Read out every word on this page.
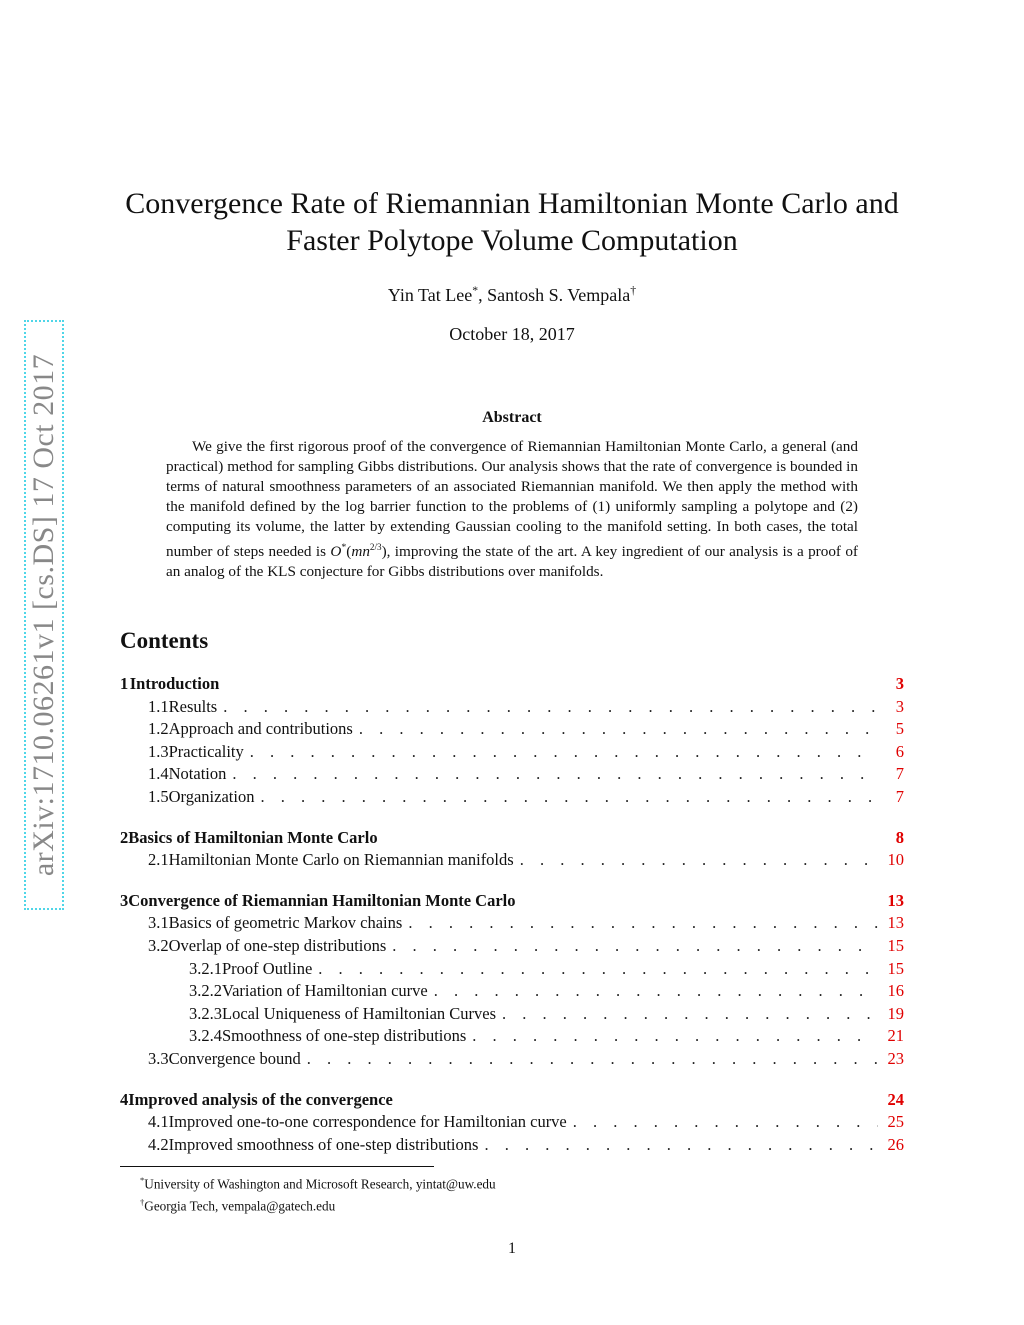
arXiv:1710.06261v1 [cs.DS] 17 Oct 2017
Convergence Rate of Riemannian Hamiltonian Monte Carlo and
Faster Polytope Volume Computation
Yin Tat Lee*, Santosh S. Vempala†
October 18, 2017
Abstract
We give the first rigorous proof of the convergence of Riemannian Hamiltonian Monte Carlo, a general (and practical) method for sampling Gibbs distributions. Our analysis shows that the rate of convergence is bounded in terms of natural smoothness parameters of an associated Riemannian manifold. We then apply the method with the manifold defined by the log barrier function to the problems of (1) uniformly sampling a polytope and (2) computing its volume, the latter by extending Gaussian cooling to the manifold setting. In both cases, the total number of steps needed is $O^*(mn^{2/3})$, improving the state of the art. A key ingredient of our analysis is a proof of an analog of the KLS conjecture for Gibbs distributions over manifolds.
Contents
1 Introduction	3
1.1 Results . . .	3
1.2 Approach and contributions . . .	5
1.3 Practicality . . .	6
1.4 Notation . . .	7
1.5 Organization . . .	7
2 Basics of Hamiltonian Monte Carlo	8
2.1 Hamiltonian Monte Carlo on Riemannian manifolds . . .	10
3 Convergence of Riemannian Hamiltonian Monte Carlo	13
3.1 Basics of geometric Markov chains . . .	13
3.2 Overlap of one-step distributions . . .	15
3.2.1 Proof Outline . . .	15
3.2.2 Variation of Hamiltonian curve . . .	16
3.2.3 Local Uniqueness of Hamiltonian Curves . . .	19
3.2.4 Smoothness of one-step distributions . . .	21
3.3 Convergence bound . . .	23
4 Improved analysis of the convergence	24
4.1 Improved one-to-one correspondence for Hamiltonian curve . . .	25
4.2 Improved smoothness of one-step distributions . . .	26
*University of Washington and Microsoft Research, yintat@uw.edu
†Georgia Tech, vempala@gatech.edu
1
